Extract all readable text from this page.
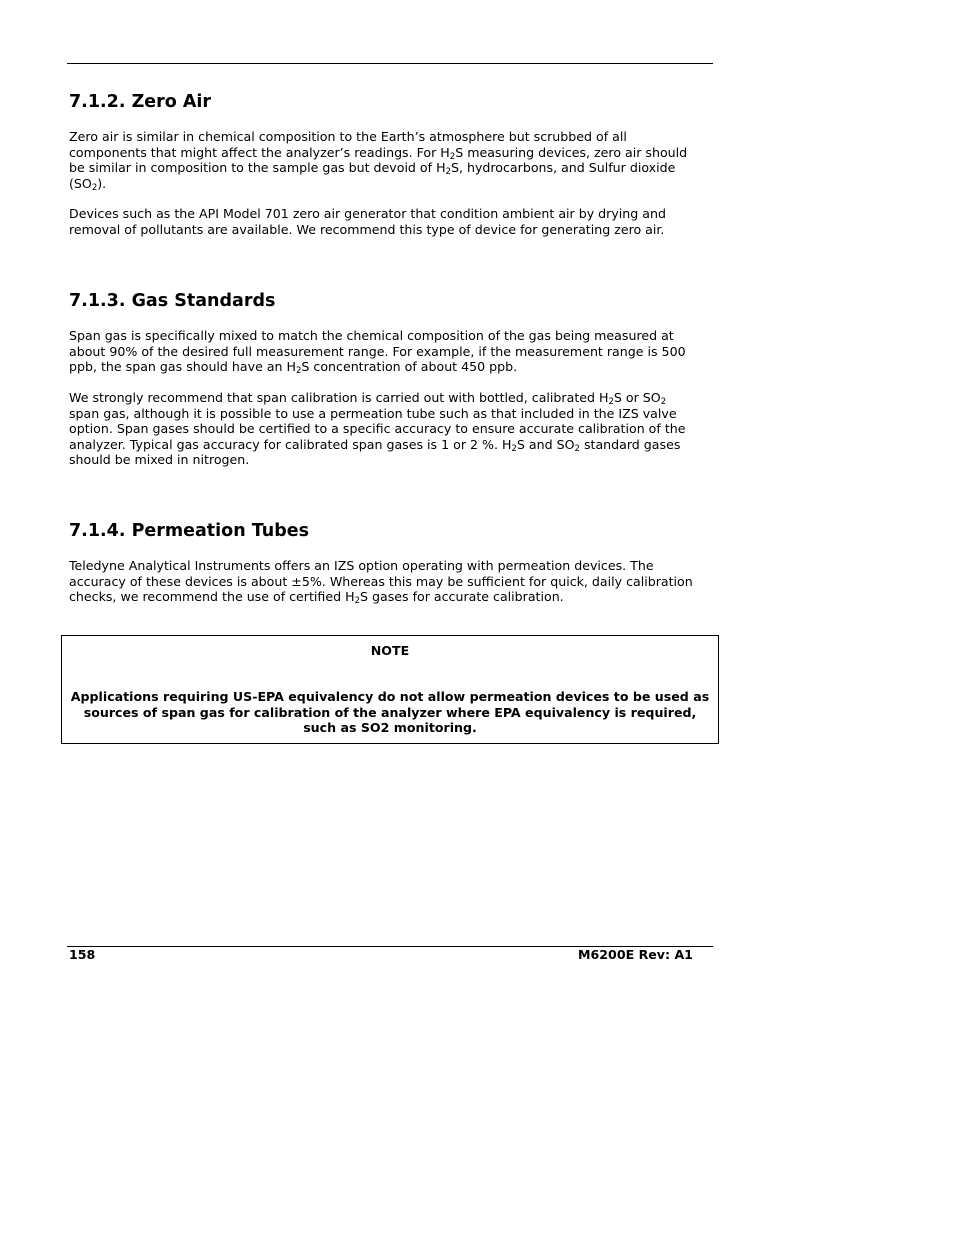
7.1.2. Zero Air

Zero air is similar in chemical composition to the Earth’s atmosphere but scrubbed of all
components that might affect the analyzer’s readings. For $H_2S$ measuring devices, zero air should
be similar in composition to the sample gas but devoid of $H_2S$, hydrocarbons, and Sulfur dioxide
$(SO_2)$.

Devices such as the API Model 701 zero air generator that condition ambient air by drying and
removal of pollutants are available. We recommend this type of device for generating zero air.

7.1.3. Gas Standards

Span gas is specifically mixed to match the chemical composition of the gas being measured at
about 90% of the desired full measurement range. For example, if the measurement range is 500
ppb, the span gas should have an $H_2S$ concentration of about 450 ppb.

We strongly recommend that span calibration is carried out with bottled, calibrated $H_2S$ or $SO_2$
span gas, although it is possible to use a permeation tube such as that included in the IZS valve
option. Span gases should be certified to a specific accuracy to ensure accurate calibration of the
analyzer. Typical gas accuracy for calibrated span gases is 1 or 2 %. $H_2S$ and $SO_2$ standard gases
should be mixed in nitrogen.

7.1.4. Permeation Tubes

Teledyne Analytical Instruments offers an IZS option operating with permeation devices. The
accuracy of these devices is about ±5%. Whereas this may be sufficient for quick, daily calibration
checks, we recommend the use of certified $H_2S$ gases for accurate calibration.

NOTE
Applications requiring US-EPA equivalency do not allow permeation devices to be used as
sources of span gas for calibration of the analyzer where EPA equivalency is required,
such as SO2 monitoring.
158	M6200E Rev: A1
